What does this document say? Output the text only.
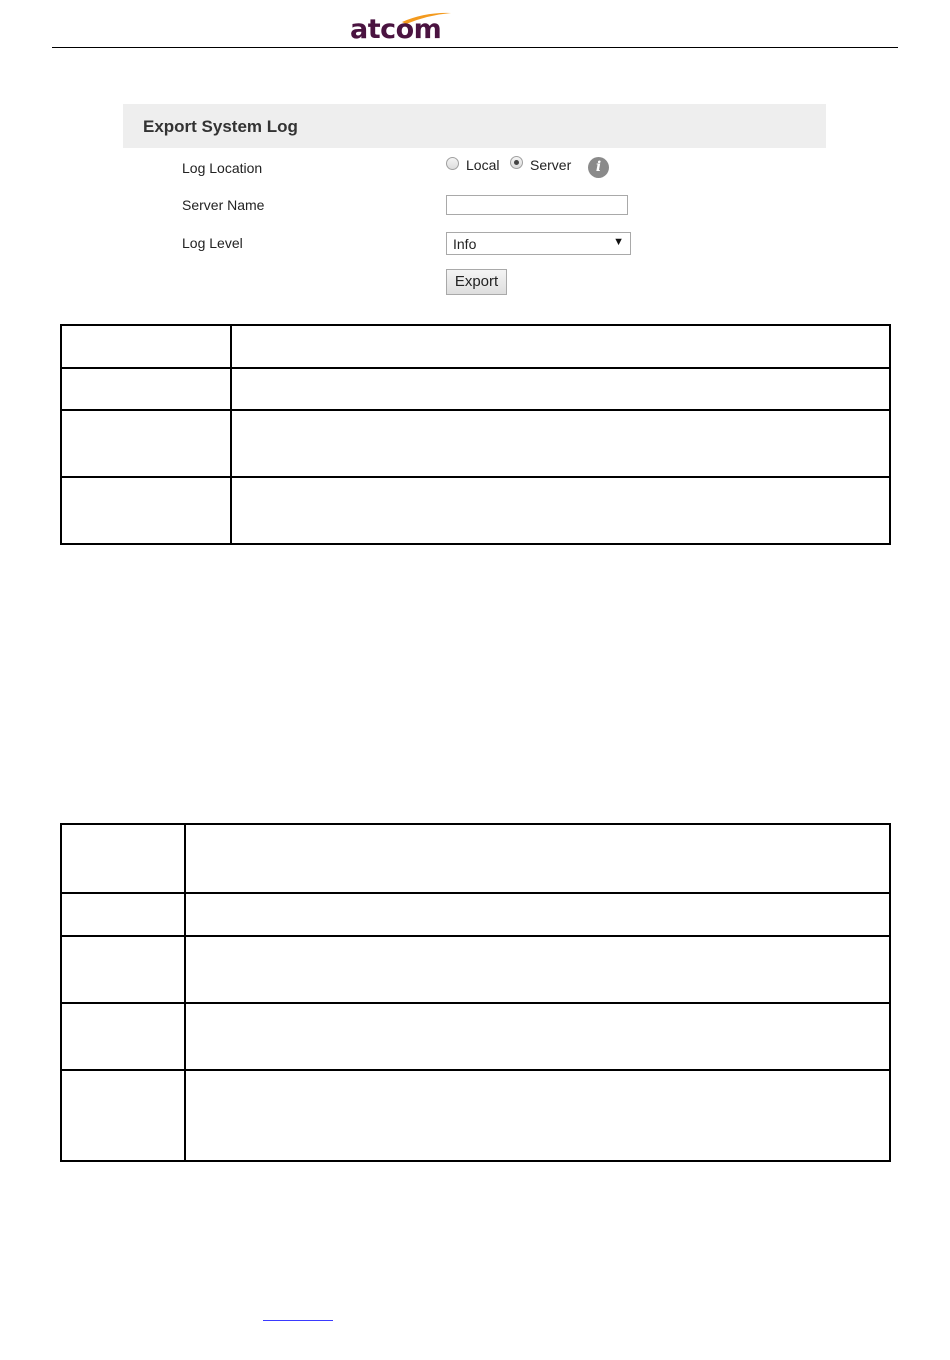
atcom
Export System Log
Log Location	Local Server	i
Server Name
Log Level	Info	▼
Export
